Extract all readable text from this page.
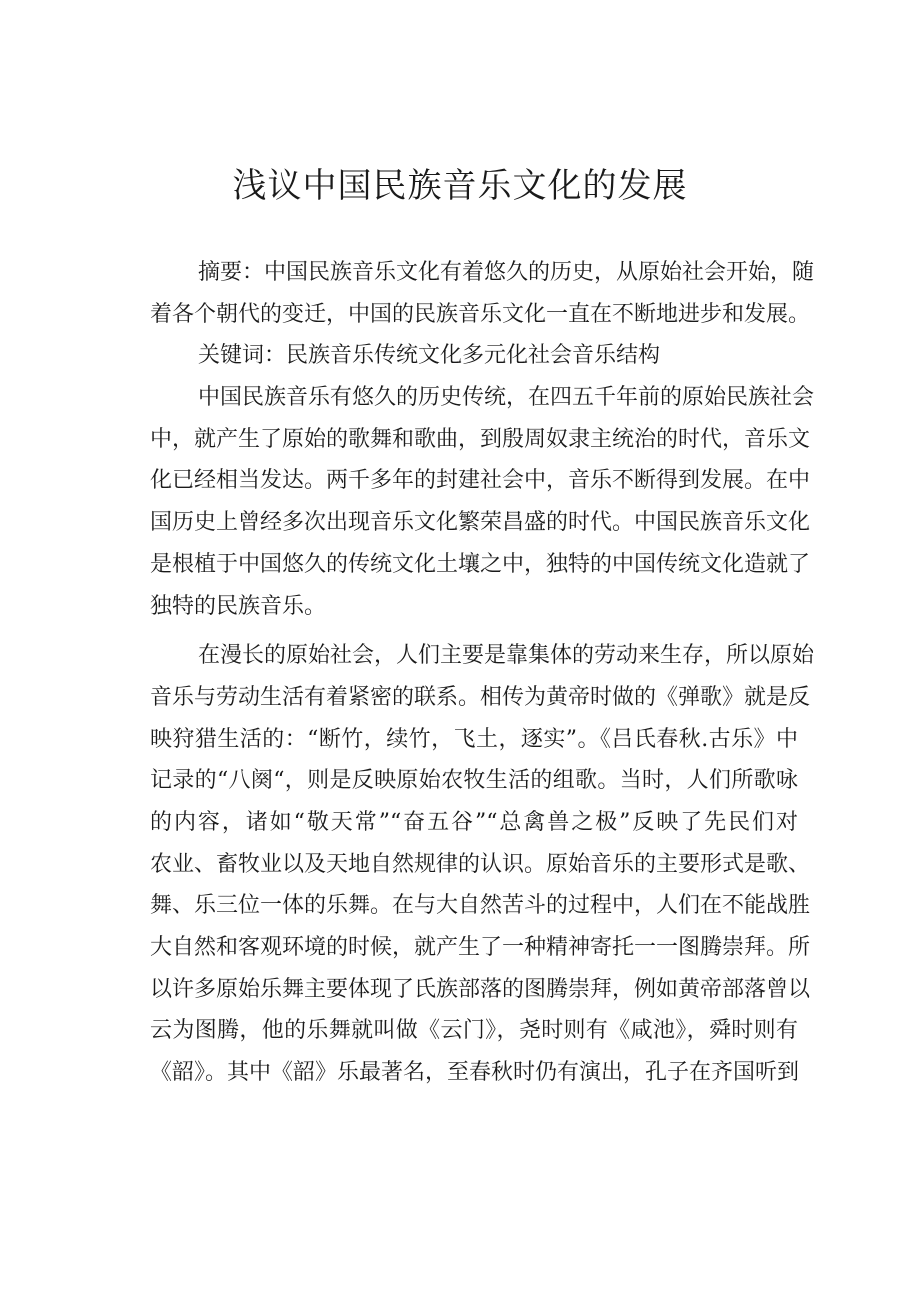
浅议中国民族音乐文化的发展
摘要：中国民族音乐文化有着悠久的历史，从原始社会开始，随
着各个朝代的变迁，中国的民族音乐文化一直在不断地进步和发展。
关键词：民族音乐传统文化多元化社会音乐结构
中国民族音乐有悠久的历史传统，在四五千年前的原始民族社会
中，就产生了原始的歌舞和歌曲，到殷周奴隶主统治的时代，音乐文
化已经相当发达。两千多年的封建社会中，音乐不断得到发展。在中
国历史上曾经多次出现音乐文化繁荣昌盛的时代。中国民族音乐文化
是根植于中国悠久的传统文化土壤之中，独特的中国传统文化造就了
独特的民族音乐。
在漫长的原始社会，人们主要是靠集体的劳动来生存，所以原始
音乐与劳动生活有着紧密的联系。相传为黄帝时做的《弹歌》就是反
映狩猎生活的：“断竹，续竹，飞土，逐实”。《吕氏春秋.古乐》中
记录的“八阕“，则是反映原始农牧生活的组歌。当时，人们所歌咏
的内容，诸如“敬天常”“奋五谷”“总禽兽之极”反映了先民们对
农业、畜牧业以及天地自然规律的认识。原始音乐的主要形式是歌、
舞、乐三位一体的乐舞。在与大自然苦斗的过程中，人们在不能战胜
大自然和客观环境的时候，就产生了一种精神寄托一一图腾崇拜。所
以许多原始乐舞主要体现了氏族部落的图腾崇拜，例如黄帝部落曾以
云为图腾，他的乐舞就叫做《云门》，尧时则有《咸池》，舜时则有
《韶》。其中《韶》乐最著名，至春秋时仍有演出，孔子在齐国听到
